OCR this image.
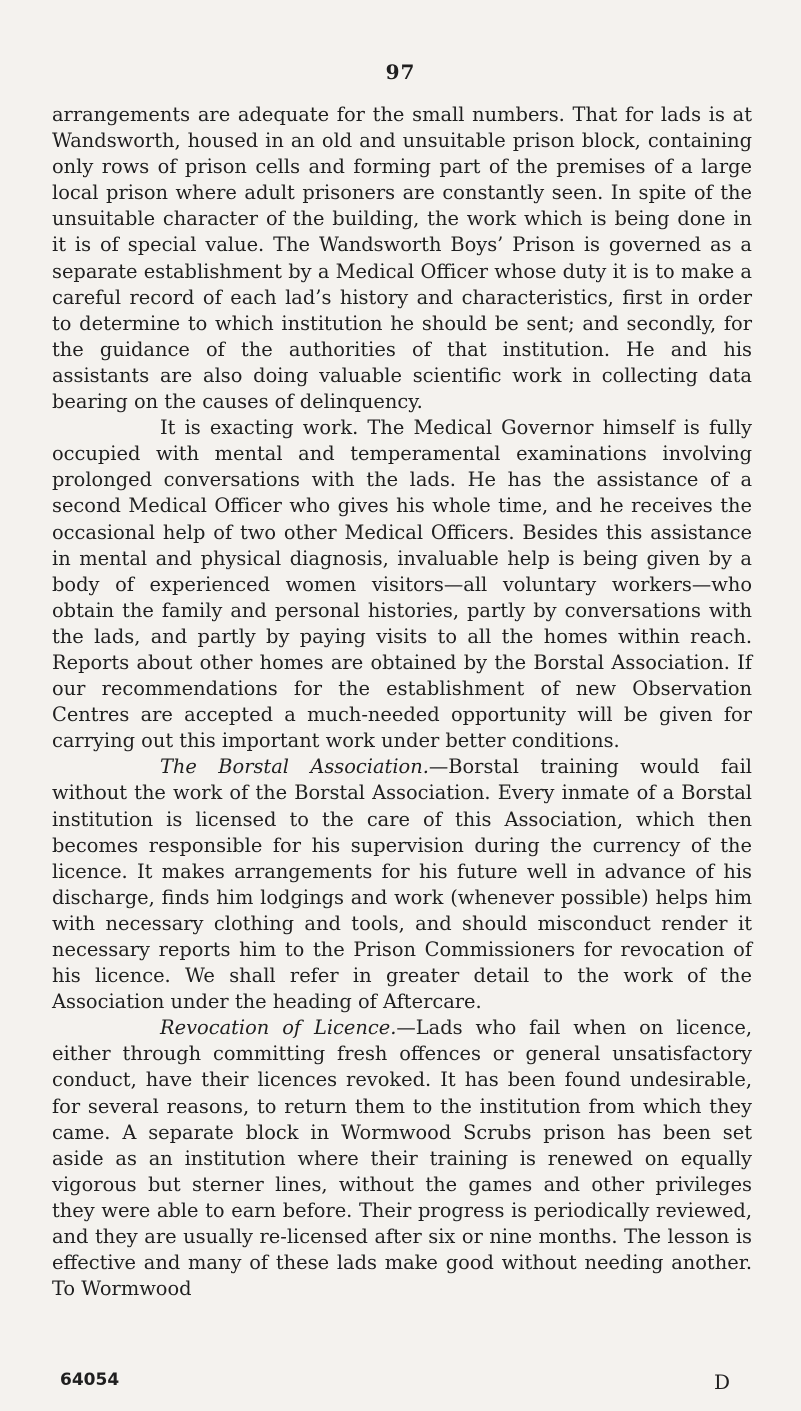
97

arrangements are adequate for the small numbers. That for lads is at Wandsworth, housed in an old and unsuitable prison block, containing only rows of prison cells and forming part of the premises of a large local prison where adult prisoners are constantly seen. In spite of the unsuitable character of the building, the work which is being done in it is of special value. The Wandsworth Boys’ Prison is governed as a separate establishment by a Medical Officer whose duty it is to make a careful record of each lad’s history and characteristics, first in order to determine to which institution he should be sent; and secondly, for the guidance of the authorities of that institution. He and his assistants are also doing valuable scientific work in collecting data bearing on the causes of delinquency.

It is exacting work. The Medical Governor himself is fully occupied with mental and temperamental examinations involving prolonged conversations with the lads. He has the assistance of a second Medical Officer who gives his whole time, and he receives the occasional help of two other Medical Officers. Besides this assistance in mental and physical diagnosis, invaluable help is being given by a body of experienced women visitors—all voluntary workers—who obtain the family and personal histories, partly by conversations with the lads, and partly by paying visits to all the homes within reach. Reports about other homes are obtained by the Borstal Association. If our recommendations for the establishment of new Observation Centres are accepted a much-needed opportunity will be given for carrying out this important work under better conditions.

The Borstal Association.—Borstal training would fail without the work of the Borstal Association. Every inmate of a Borstal institution is licensed to the care of this Association, which then becomes responsible for his supervision during the currency of the licence. It makes arrangements for his future well in advance of his discharge, finds him lodgings and work (whenever possible) helps him with necessary clothing and tools, and should misconduct render it necessary reports him to the Prison Commissioners for revocation of his licence. We shall refer in greater detail to the work of the Association under the heading of Aftercare.

Revocation of Licence.—Lads who fail when on licence, either through committing fresh offences or general unsatisfactory conduct, have their licences revoked. It has been found undesirable, for several reasons, to return them to the institution from which they came. A separate block in Wormwood Scrubs prison has been set aside as an institution where their training is renewed on equally vigorous but sterner lines, without the games and other privileges they were able to earn before. Their progress is periodically reviewed, and they are usually re-licensed after six or nine months. The lesson is effective and many of these lads make good without needing another. To Wormwood

64054	D
